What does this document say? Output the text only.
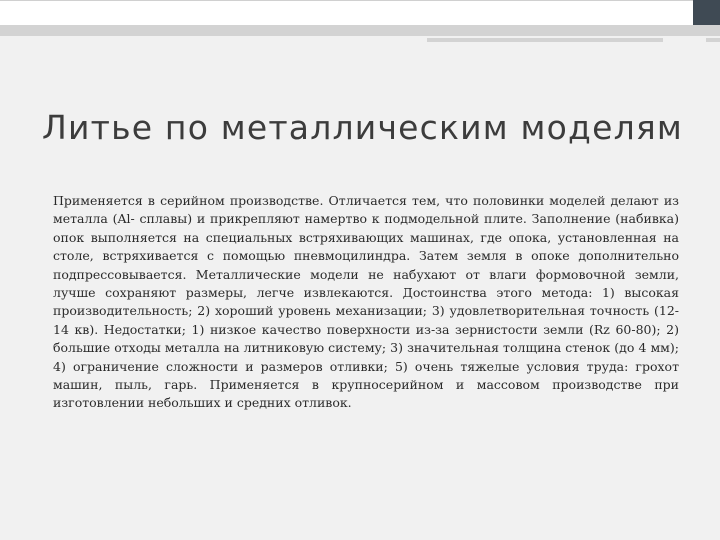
Литье по металлическим моделям

Применяется в серийном производстве. Отличается тем, что половинки моделей делают из металла (Al- сплавы) и прикрепляют намертво к подмодельной плите. Заполнение (набивка) опок выполняется на специальных встряхивающих машинах, где опока, установленная на столе, встряхивается с помощью пневмоцилиндра. Затем земля в опоке дополнительно подпрессовывается. Металлические модели не набухают от влаги формовочной земли, лучше сохраняют размеры, легче извлекаются. Достоинства этого метода: 1) высокая производительность; 2) хороший уровень механизации; 3) удовлетворительная точность (12-14 кв). Недостатки; 1) низкое качество поверхности из-за зернистости земли (Rz 60-80); 2) большие отходы металла на литниковую систему; 3) значительная толщина стенок (до 4 мм); 4) ограничение сложности и размеров отливки; 5) очень тяжелые условия труда: грохот машин, пыль, гарь. Применяется в крупносерийном и массовом производстве при изготовлении небольших и средних отливок.
